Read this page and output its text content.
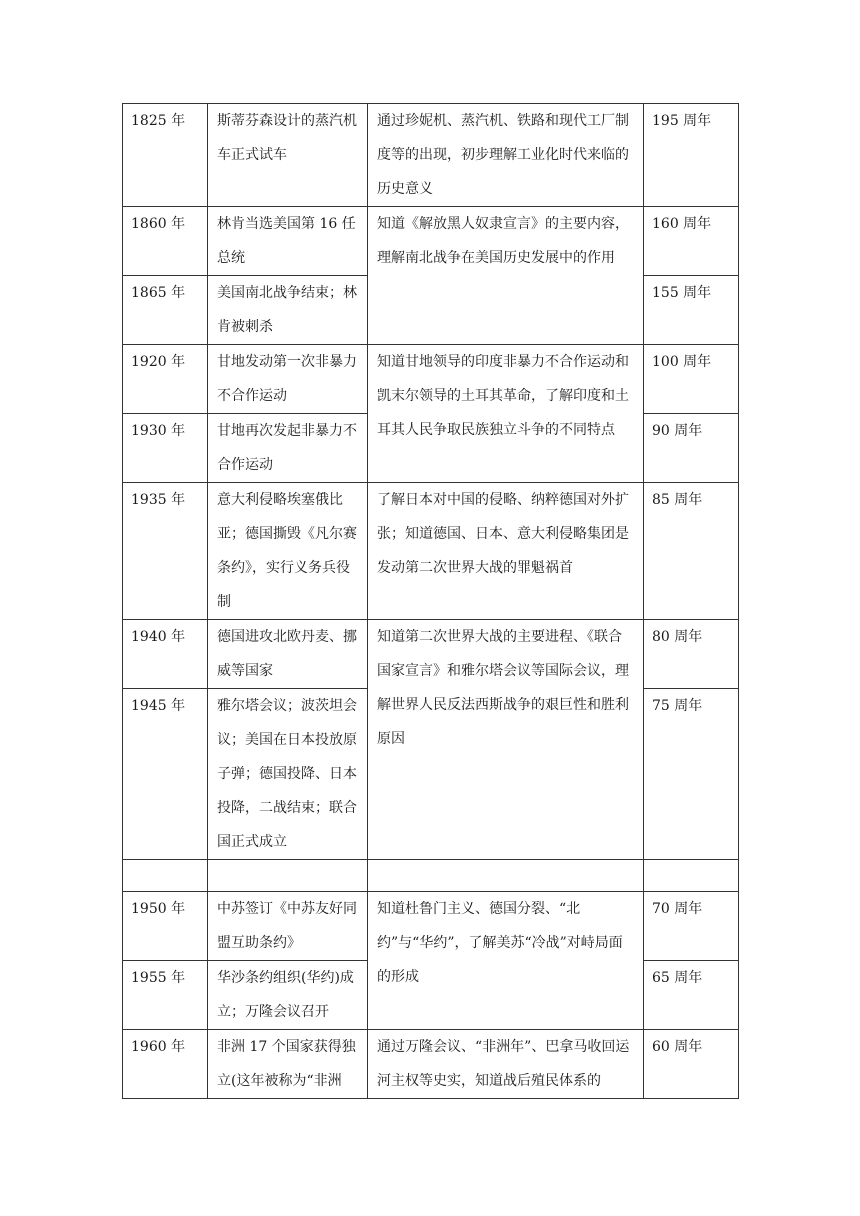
1825 年	斯蒂芬森设计的蒸汽机车正式试车	通过珍妮机、蒸汽机、铁路和现代工厂制度等的出现，初步理解工业化时代来临的历史意义	195 周年
1860 年	林肯当选美国第 16 任总统	知道《解放黑人奴隶宣言》的主要内容，理解南北战争在美国历史发展中的作用	160 周年
1865 年	美国南北战争结束；林肯被刺杀		155 周年
1920 年	甘地发动第一次非暴力不合作运动	知道甘地领导的印度非暴力不合作运动和凯末尔领导的土耳其革命，了解印度和土耳其人民争取民族独立斗争的不同特点	100 周年
1930 年	甘地再次发起非暴力不合作运动		90 周年
1935 年	意大利侵略埃塞俄比亚；德国撕毁《凡尔赛条约》，实行义务兵役制	了解日本对中国的侵略、纳粹德国对外扩张；知道德国、日本、意大利侵略集团是发动第二次世界大战的罪魁祸首	85 周年
1940 年	德国进攻北欧丹麦、挪威等国家	知道第二次世界大战的主要进程、《联合国家宣言》和雅尔塔会议等国际会议，理解世界人民反法西斯战争的艰巨性和胜利原因	80 周年
1945 年	雅尔塔会议；波茨坦会议；美国在日本投放原子弹；德国投降、日本投降，二战结束；联合国正式成立		75 周年

1950 年	中苏签订《中苏友好同盟互助条约》	知道杜鲁门主义、德国分裂、“北约”与“华约”，了解美苏“冷战”对峙局面的形成	70 周年
1955 年	华沙条约组织(华约)成立；万隆会议召开		65 周年
1960 年	非洲 17 个国家获得独立(这年被称为“非洲	通过万隆会议、“非洲年”、巴拿马收回运河主权等史实，知道战后殖民体系的	60 周年
